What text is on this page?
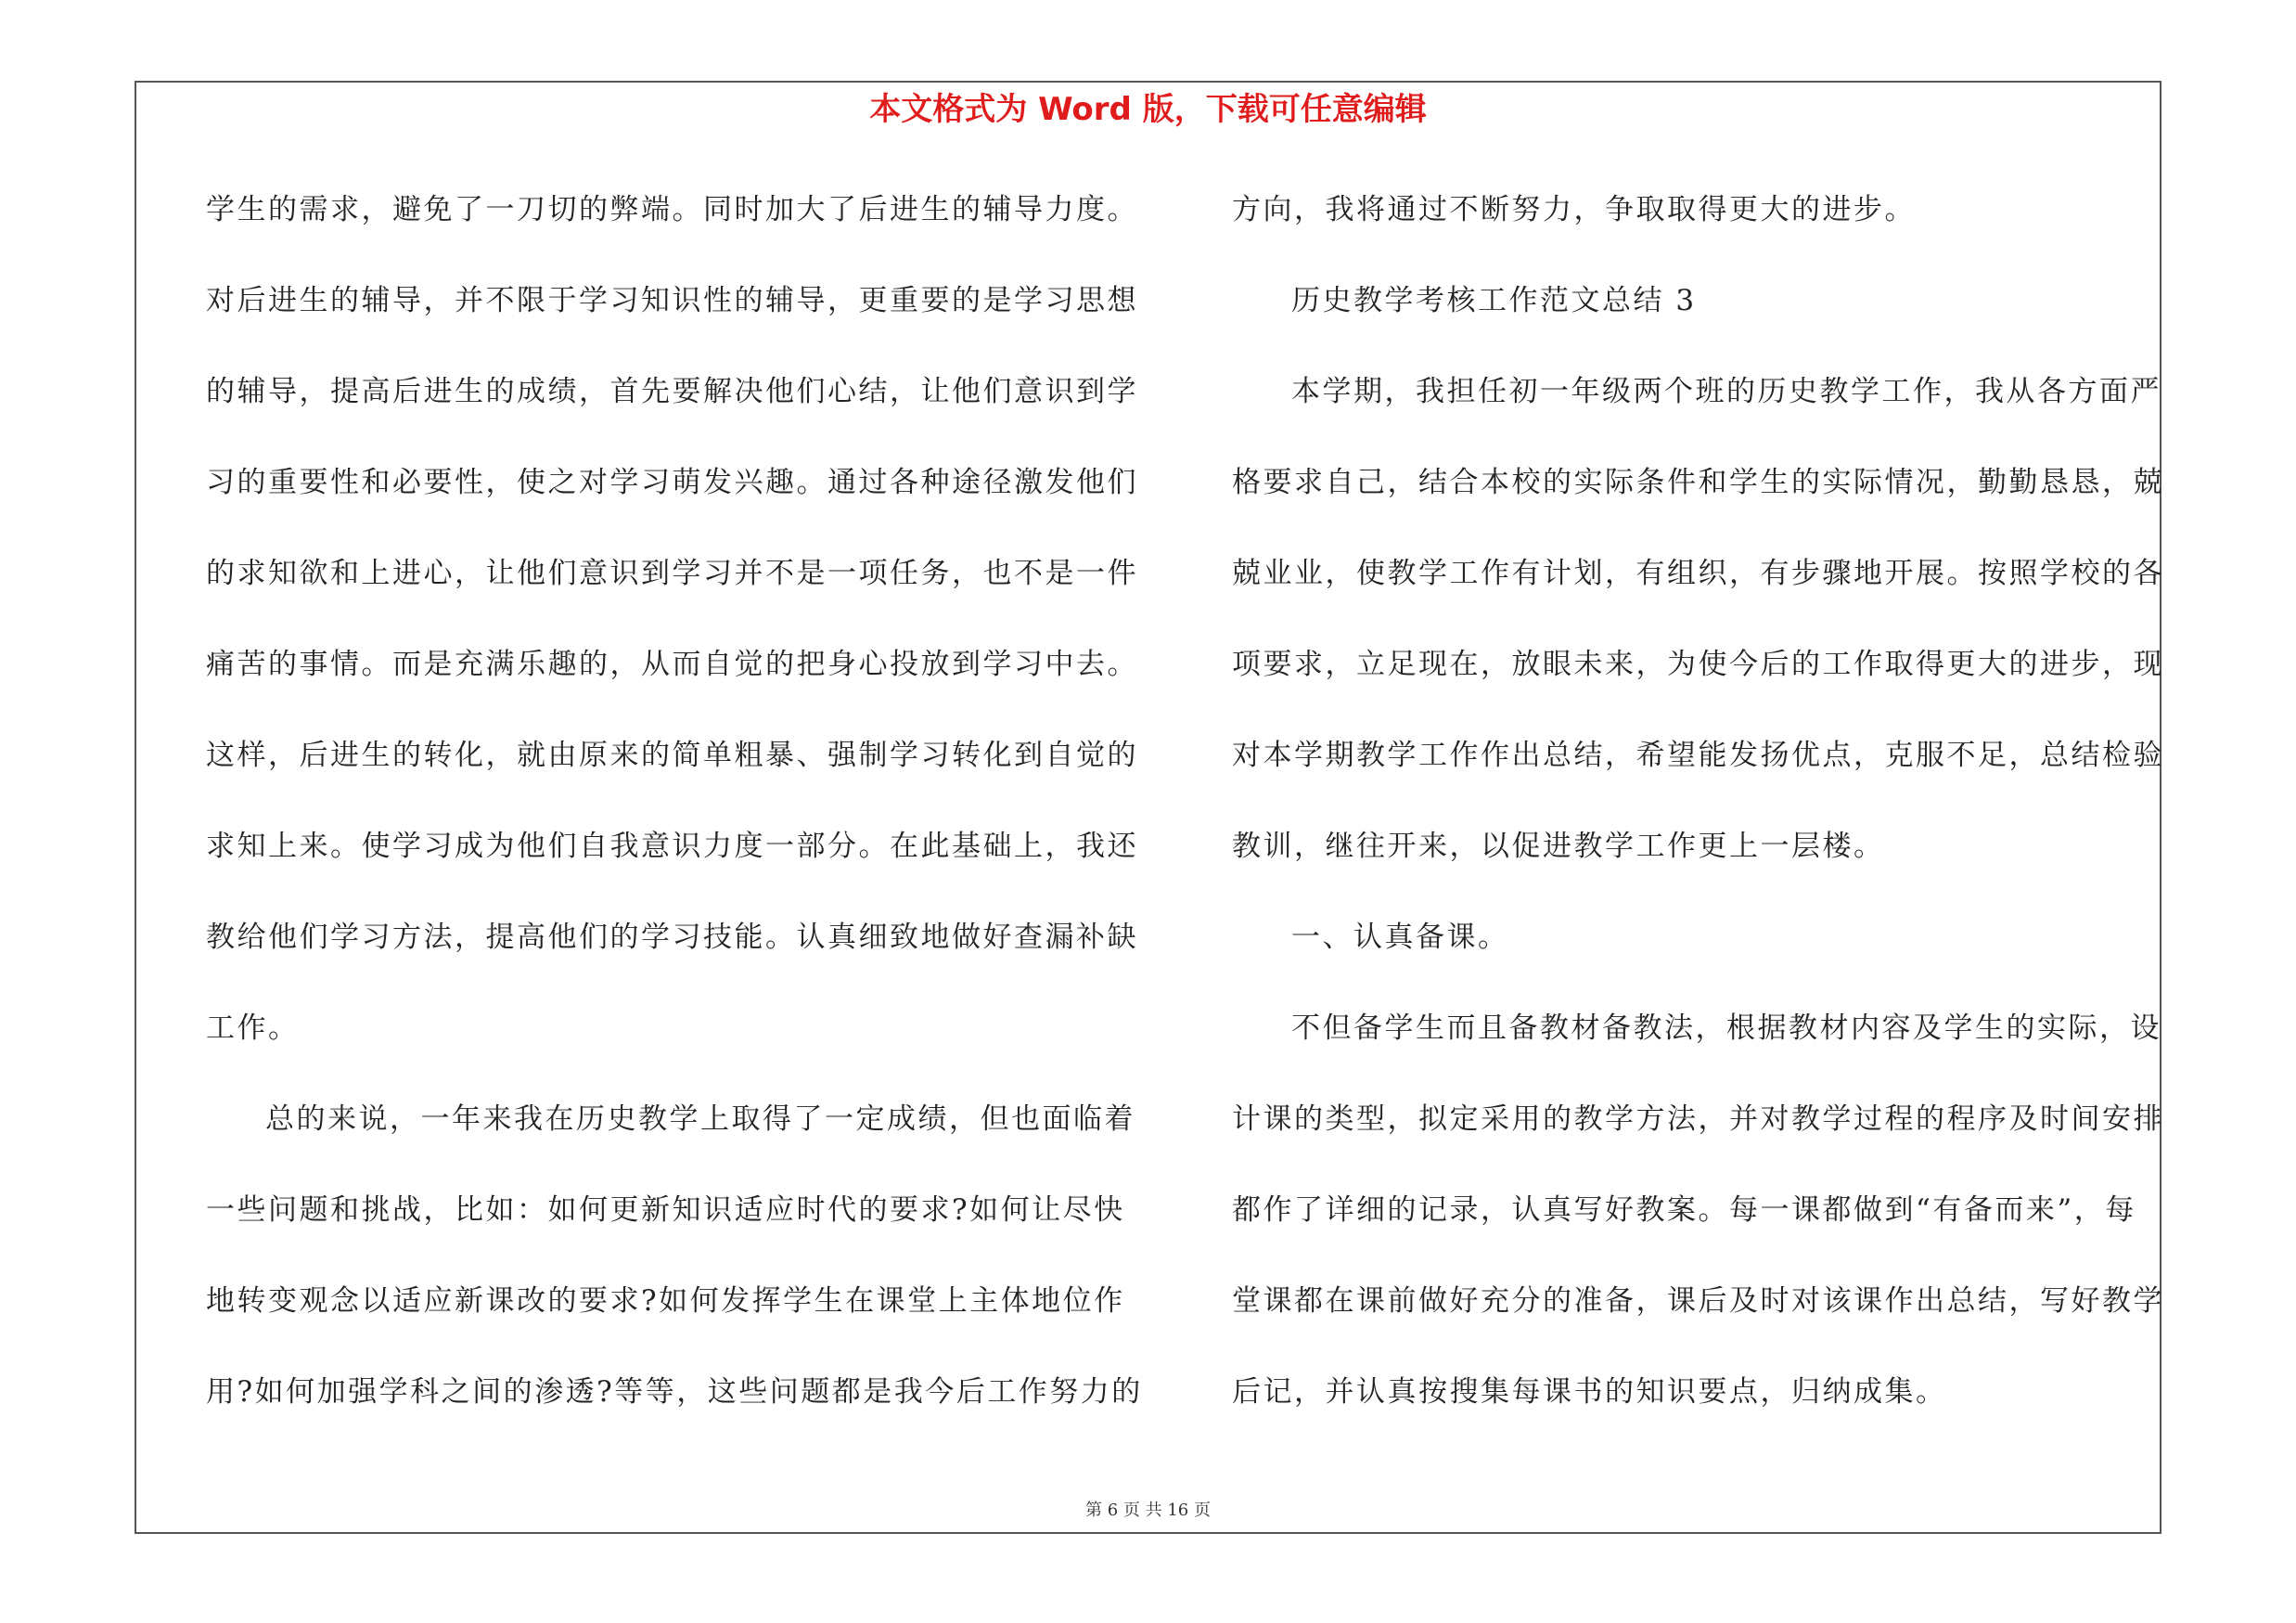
本文格式为 Word 版，下载可任意编辑
学生的需求，避免了一刀切的弊端。同时加大了后进生的辅导力度。
对后进生的辅导，并不限于学习知识性的辅导，更重要的是学习思想
的辅导，提高后进生的成绩，首先要解决他们心结，让他们意识到学
习的重要性和必要性，使之对学习萌发兴趣。通过各种途径激发他们
的求知欲和上进心，让他们意识到学习并不是一项任务，也不是一件
痛苦的事情。而是充满乐趣的，从而自觉的把身心投放到学习中去。
这样，后进生的转化，就由原来的简单粗暴、强制学习转化到自觉的
求知上来。使学习成为他们自我意识力度一部分。在此基础上，我还
教给他们学习方法，提高他们的学习技能。认真细致地做好查漏补缺
工作。
总的来说，一年来我在历史教学上取得了一定成绩，但也面临着
一些问题和挑战，比如：如何更新知识适应时代的要求?如何让尽快
地转变观念以适应新课改的要求?如何发挥学生在课堂上主体地位作
用?如何加强学科之间的渗透?等等，这些问题都是我今后工作努力的
方向，我将通过不断努力，争取取得更大的进步。
历史教学考核工作范文总结 3
本学期，我担任初一年级两个班的历史教学工作，我从各方面严
格要求自己，结合本校的实际条件和学生的实际情况，勤勤恳恳，兢
兢业业，使教学工作有计划，有组织，有步骤地开展。按照学校的各
项要求，立足现在，放眼未来，为使今后的工作取得更大的进步，现
对本学期教学工作作出总结，希望能发扬优点，克服不足，总结检验
教训，继往开来，以促进教学工作更上一层楼。
一、认真备课。
不但备学生而且备教材备教法，根据教材内容及学生的实际，设
计课的类型，拟定采用的教学方法，并对教学过程的程序及时间安排
都作了详细的记录，认真写好教案。每一课都做到“有备而来”，每
堂课都在课前做好充分的准备，课后及时对该课作出总结，写好教学
后记，并认真按搜集每课书的知识要点，归纳成集。
第 6 页 共 16 页
